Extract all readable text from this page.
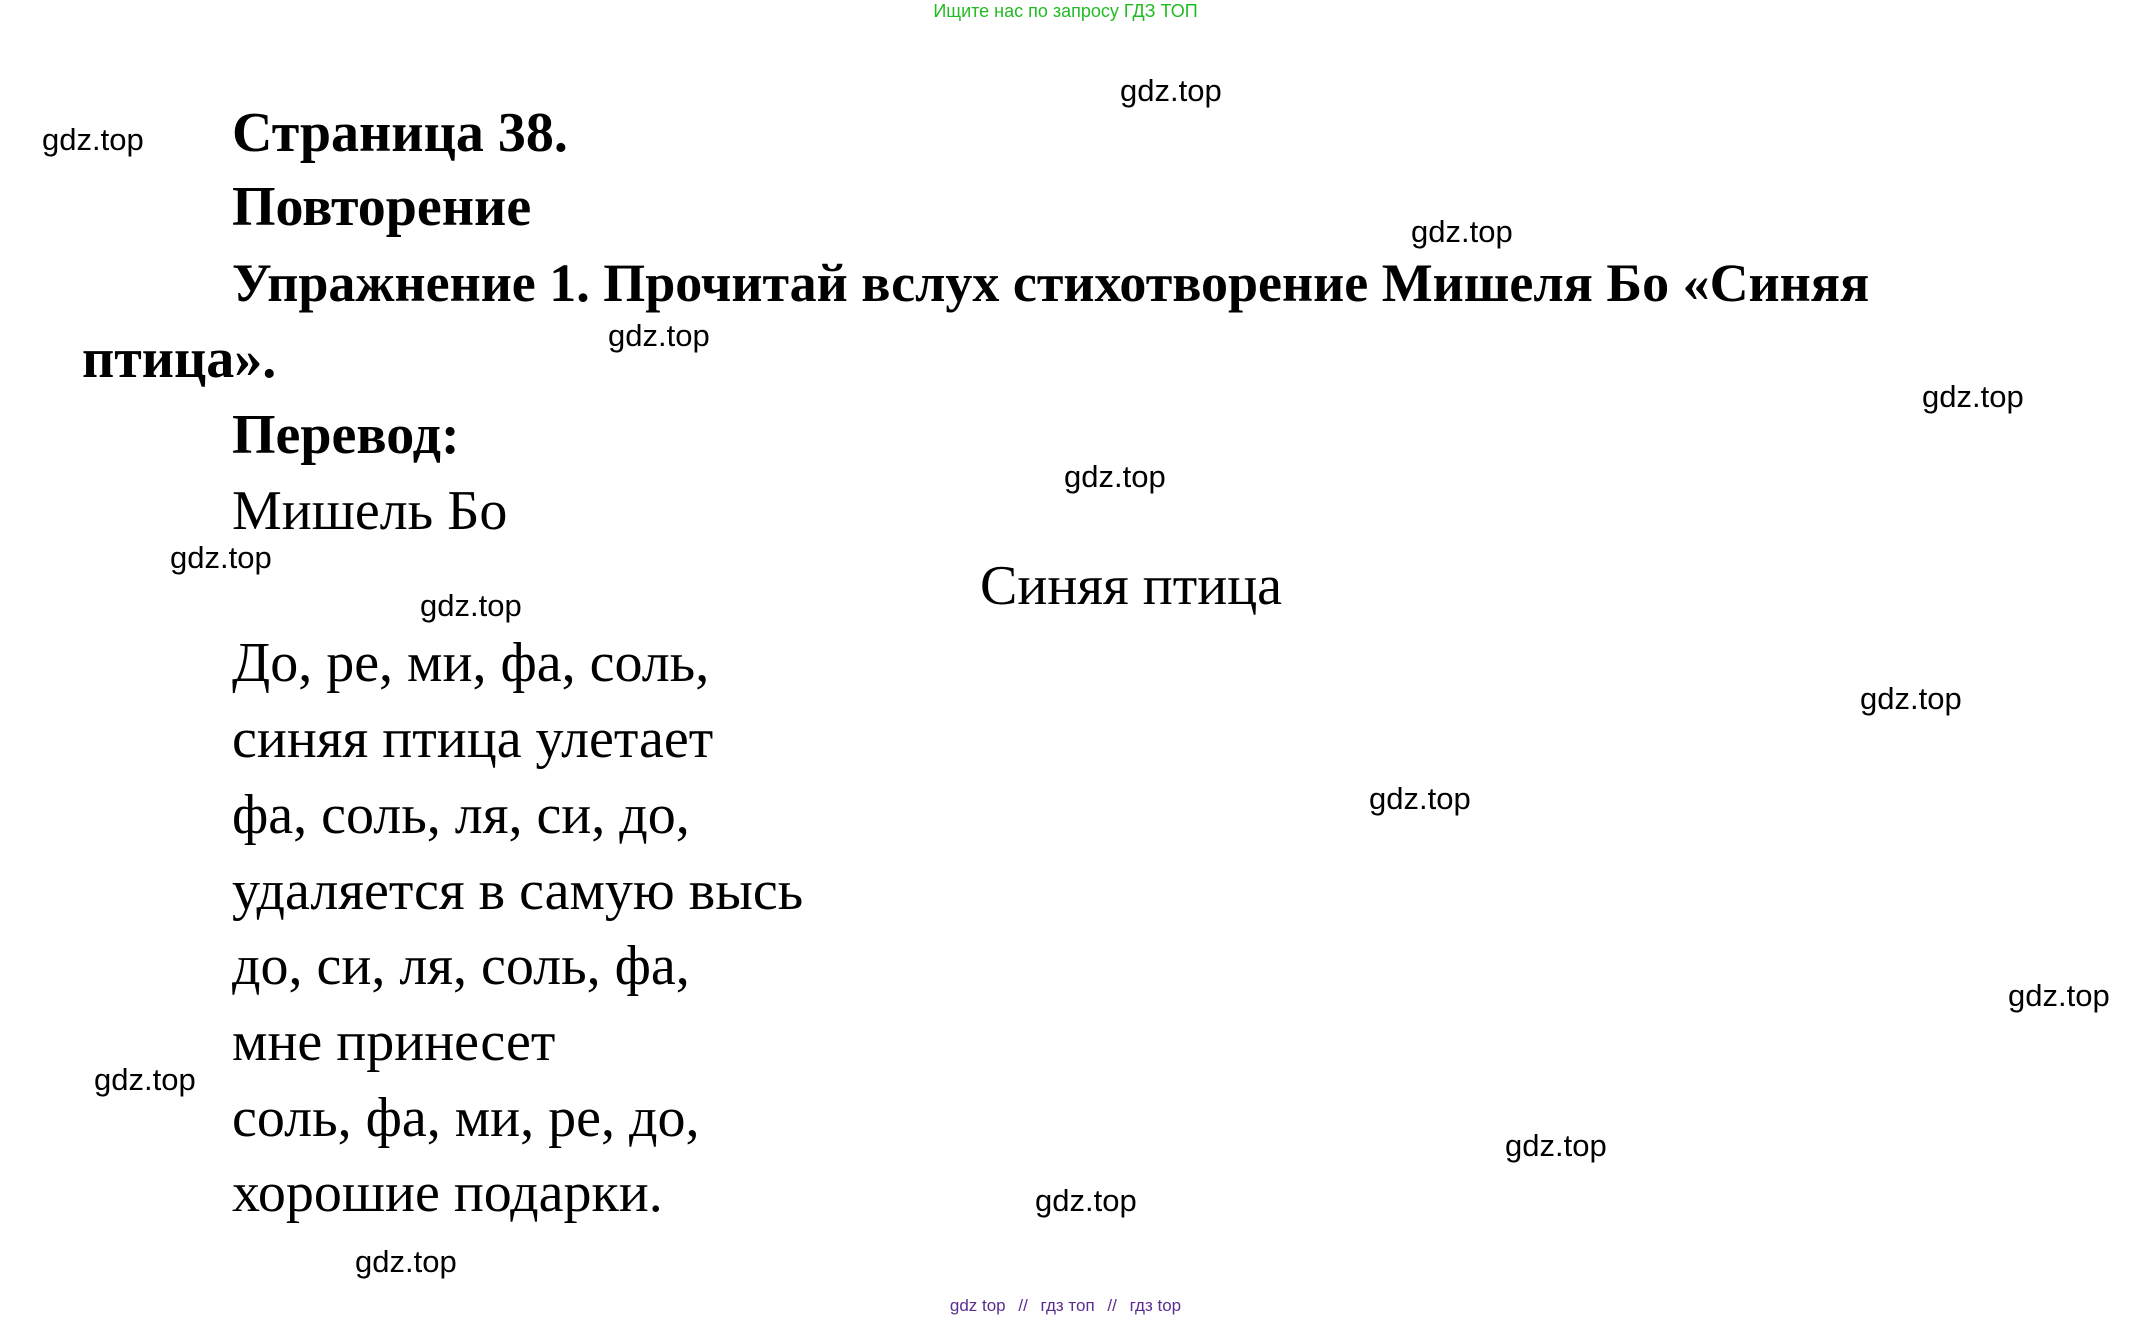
Ищите нас по запросу ГДЗ ТОП
Страница 38.
Повторение
Упражнение 1. Прочитай вслух стихотворение Мишеля Бо «Синяя
птица».
Перевод:
Мишель Бо
Синяя птица
До, ре, ми, фа, соль,
синяя птица улетает
фа, соль, ля, си, до,
удаляется в самую высь
до, си, ля, соль, фа,
мне принесет
соль, фа, ми, ре, до,
хорошие подарки.
gdz.top
gdz.top
gdz.top
gdz.top
gdz.top
gdz.top
gdz.top
gdz.top
gdz.top
gdz.top
gdz.top
gdz.top
gdz.top
gdz.top
gdz.top
gdz top // гдз топ // гдз top
